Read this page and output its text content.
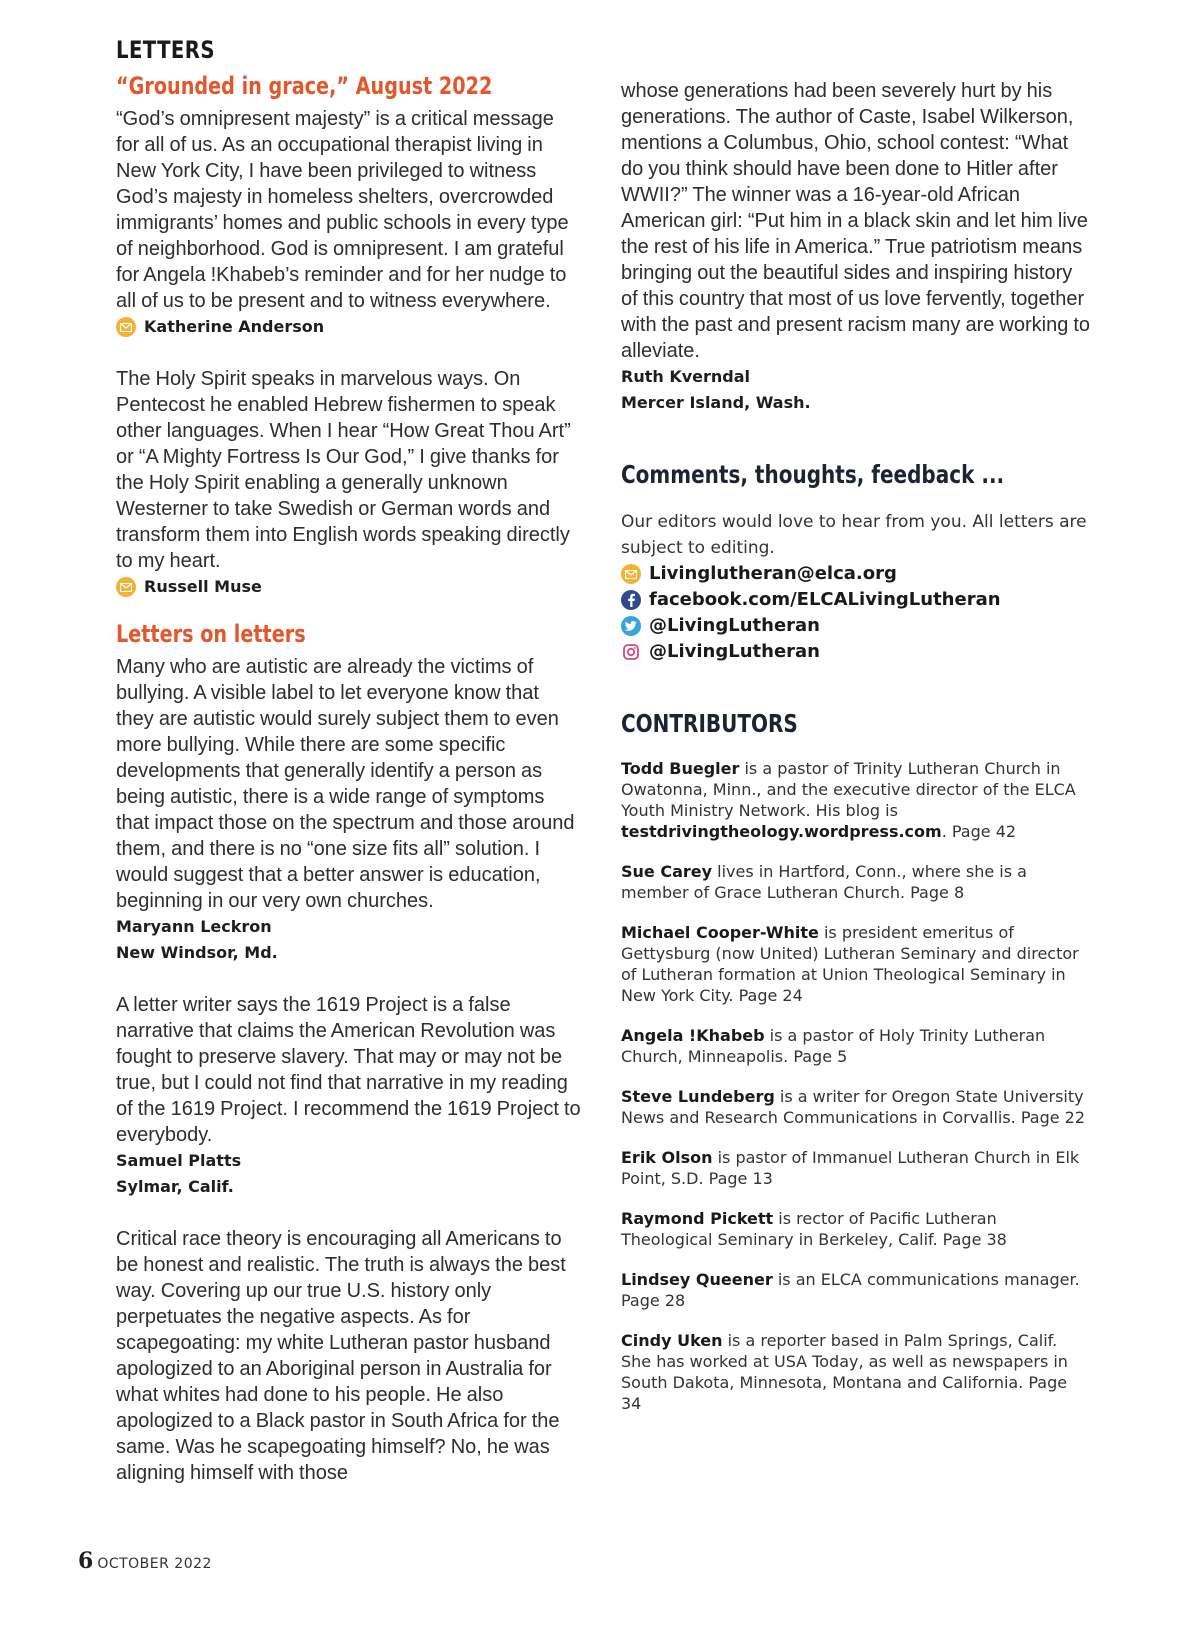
LETTERS
“Grounded in grace,” August 2022

“God’s omnipresent majesty” is a critical message for all of us. As an occupational therapist living in New York City, I have been privileged to witness God’s majesty in homeless shelters, overcrowded immigrants’ homes and public schools in every type of neighborhood. God is omnipresent. I am grateful for Angela !Khabeb’s reminder and for her nudge to all of us to be present and to witness everywhere.

Katherine Anderson

The Holy Spirit speaks in marvelous ways. On Pentecost he enabled Hebrew fishermen to speak other languages. When I hear “How Great Thou Art” or “A Mighty Fortress Is Our God,” I give thanks for the Holy Spirit enabling a generally unknown Westerner to take Swedish or German words and transform them into English words speaking directly to my heart.

Russell Muse
Letters on letters

Many who are autistic are already the victims of bullying. A visible label to let everyone know that they are autistic would surely subject them to even more bullying. While there are some specific developments that generally identify a person as being autistic, there is a wide range of symptoms that impact those on the spectrum and those around them, and there is no “one size fits all” solution. I would suggest that a better answer is education, beginning in our very own churches.

Maryann Leckron

New Windsor, Md.

A letter writer says the 1619 Project is a false narrative that claims the American Revolution was fought to preserve slavery. That may or may not be true, but I could not find that narrative in my reading of the 1619 Project. I recommend the 1619 Project to everybody.

Samuel Platts

Sylmar, Calif.

Critical race theory is encouraging all Americans to be honest and realistic. The truth is always the best way. Covering up our true U.S. history only perpetuates the negative aspects. As for scapegoating: my white Lutheran pastor husband apologized to an Aboriginal person in Australia for what whites had done to his people. He also apologized to a Black pastor in South Africa for the same. Was he scapegoating himself? No, he was aligning himself with those

whose generations had been severely hurt by his generations. The author of Caste, Isabel Wilkerson, mentions a Columbus, Ohio, school contest: “What do you think should have been done to Hitler after WWII?” The winner was a 16-year-old African American girl: “Put him in a black skin and let him live the rest of his life in America.” True patriotism means bringing out the beautiful sides and inspiring history of this country that most of us love fervently, together with the past and present racism many are working to alleviate.

Ruth Kverndal

Mercer Island, Wash.

Comments, thoughts, feedback ...

Our editors would love to hear from you. All letters are subject to editing.

Livinglutheran@elca.org
facebook.com/ELCALivingLutheran
@LivingLutheran
@LivingLutheran
CONTRIBUTORS

Todd Buegler is a pastor of Trinity Lutheran Church in Owatonna, Minn., and the executive director of the ELCA Youth Ministry Network. His blog is testdrivingtheology.wordpress.com. Page 42

Sue Carey lives in Hartford, Conn., where she is a member of Grace Lutheran Church. Page 8

Michael Cooper-White is president emeritus of Gettysburg (now United) Lutheran Seminary and director of Lutheran formation at Union Theological Seminary in New York City. Page 24

Angela !Khabeb is a pastor of Holy Trinity Lutheran Church, Minneapolis. Page 5

Steve Lundeberg is a writer for Oregon State University News and Research Communications in Corvallis. Page 22

Erik Olson is pastor of Immanuel Lutheran Church in Elk Point, S.D. Page 13

Raymond Pickett is rector of Pacific Lutheran Theological Seminary in Berkeley, Calif. Page 38

Lindsey Queener is an ELCA communications manager. Page 28

Cindy Uken is a reporter based in Palm Springs, Calif. She has worked at USA Today, as well as newspapers in South Dakota, Minnesota, Montana and California. Page 34

6 OCTOBER 2022
